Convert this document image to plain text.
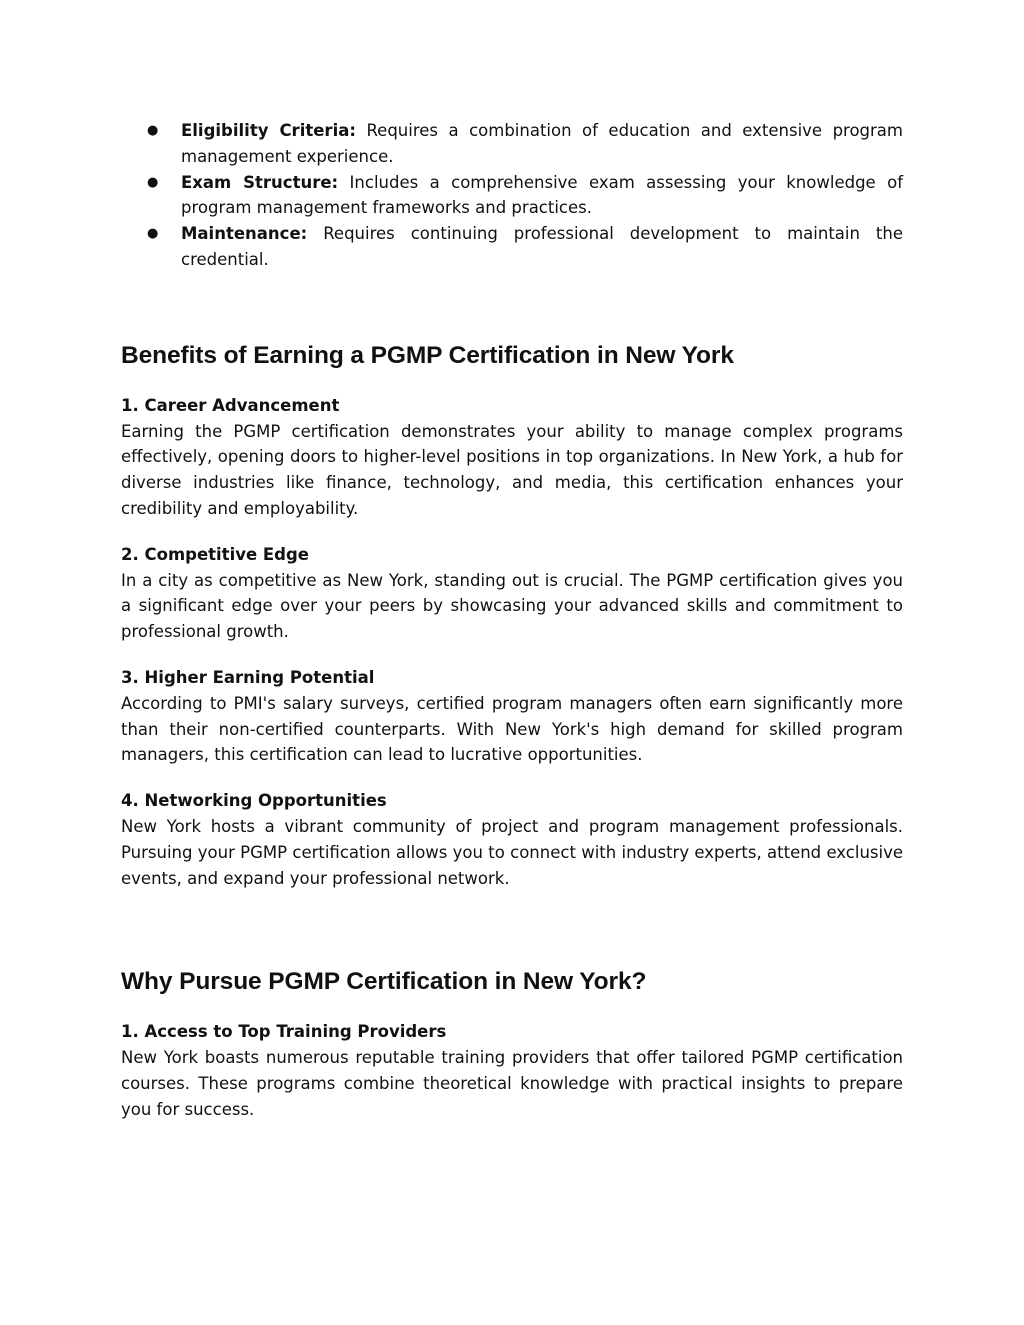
● Eligibility Criteria: Requires a combination of education and extensive program management experience.
● Exam Structure: Includes a comprehensive exam assessing your knowledge of program management frameworks and practices.
● Maintenance: Requires continuing professional development to maintain the credential.
Benefits of Earning a PGMP Certification in New York

1. Career Advancement

Earning the PGMP certification demonstrates your ability to manage complex programs effectively, opening doors to higher-level positions in top organizations. In New York, a hub for diverse industries like finance, technology, and media, this certification enhances your credibility and employability.

2. Competitive Edge

In a city as competitive as New York, standing out is crucial. The PGMP certification gives you a significant edge over your peers by showcasing your advanced skills and commitment to professional growth.

3. Higher Earning Potential

According to PMI's salary surveys, certified program managers often earn significantly more than their non-certified counterparts. With New York's high demand for skilled program managers, this certification can lead to lucrative opportunities.

4. Networking Opportunities

New York hosts a vibrant community of project and program management professionals. Pursuing your PGMP certification allows you to connect with industry experts, attend exclusive events, and expand your professional network.

Why Pursue PGMP Certification in New York?

1. Access to Top Training Providers

New York boasts numerous reputable training providers that offer tailored PGMP certification courses. These programs combine theoretical knowledge with practical insights to prepare you for success.
